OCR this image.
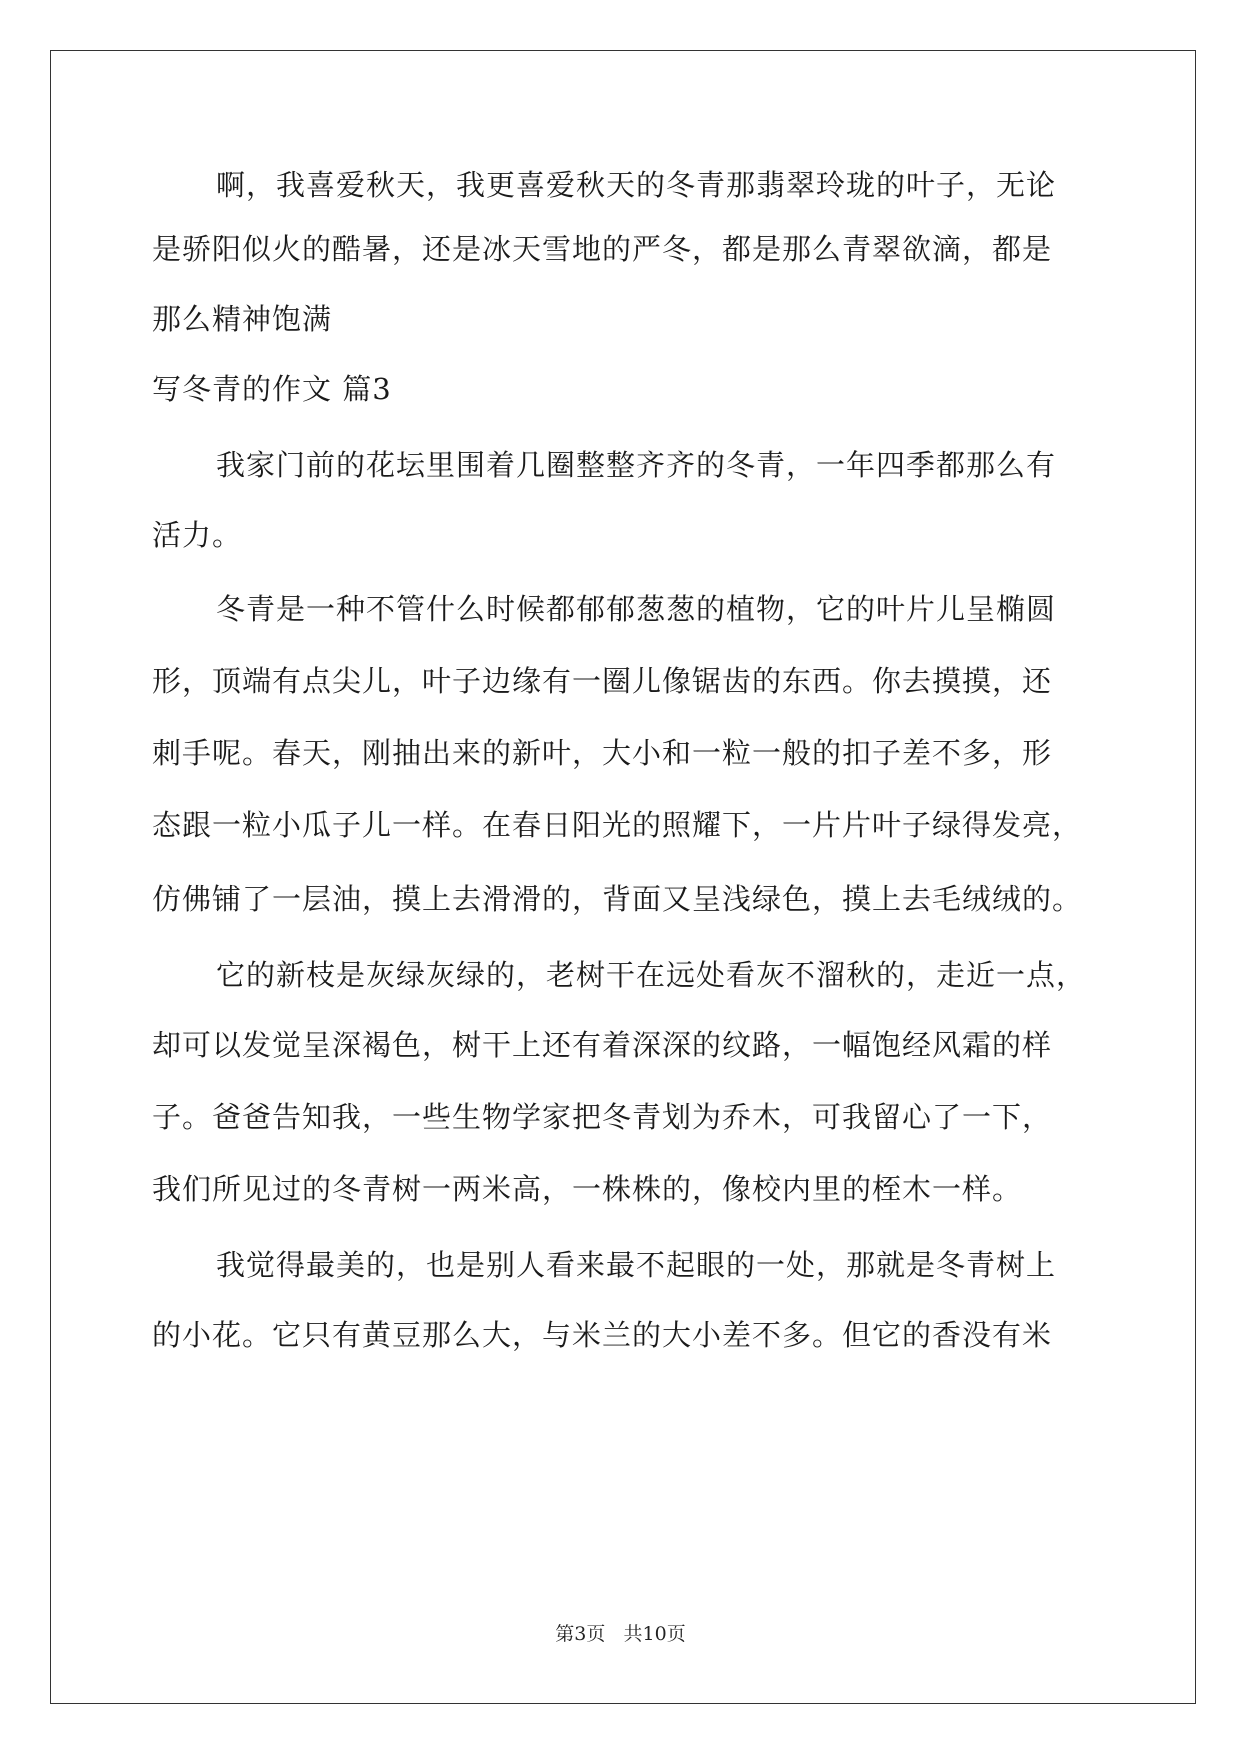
啊，我喜爱秋天，我更喜爱秋天的冬青那翡翠玲珑的叶子，无论
是骄阳似火的酷暑，还是冰天雪地的严冬，都是那么青翠欲滴，都是
那么精神饱满
写冬青的作文 篇3
我家门前的花坛里围着几圈整整齐齐的冬青，一年四季都那么有
活力。
冬青是一种不管什么时候都郁郁葱葱的植物，它的叶片儿呈椭圆
形，顶端有点尖儿，叶子边缘有一圈儿像锯齿的东西。你去摸摸，还
刺手呢。春天，刚抽出来的新叶，大小和一粒一般的扣子差不多，形
态跟一粒小瓜子儿一样。在春日阳光的照耀下，一片片叶子绿得发亮，
仿佛铺了一层油，摸上去滑滑的，背面又呈浅绿色，摸上去毛绒绒的。
它的新枝是灰绿灰绿的，老树干在远处看灰不溜秋的，走近一点，
却可以发觉呈深褐色，树干上还有着深深的纹路，一幅饱经风霜的样
子。爸爸告知我，一些生物学家把冬青划为乔木，可我留心了一下，
我们所见过的冬青树一两米高，一株株的，像校内里的桎木一样。
我觉得最美的，也是别人看来最不起眼的一处，那就是冬青树上
的小花。它只有黄豆那么大，与米兰的大小差不多。但它的香没有米
第3页 共10页
